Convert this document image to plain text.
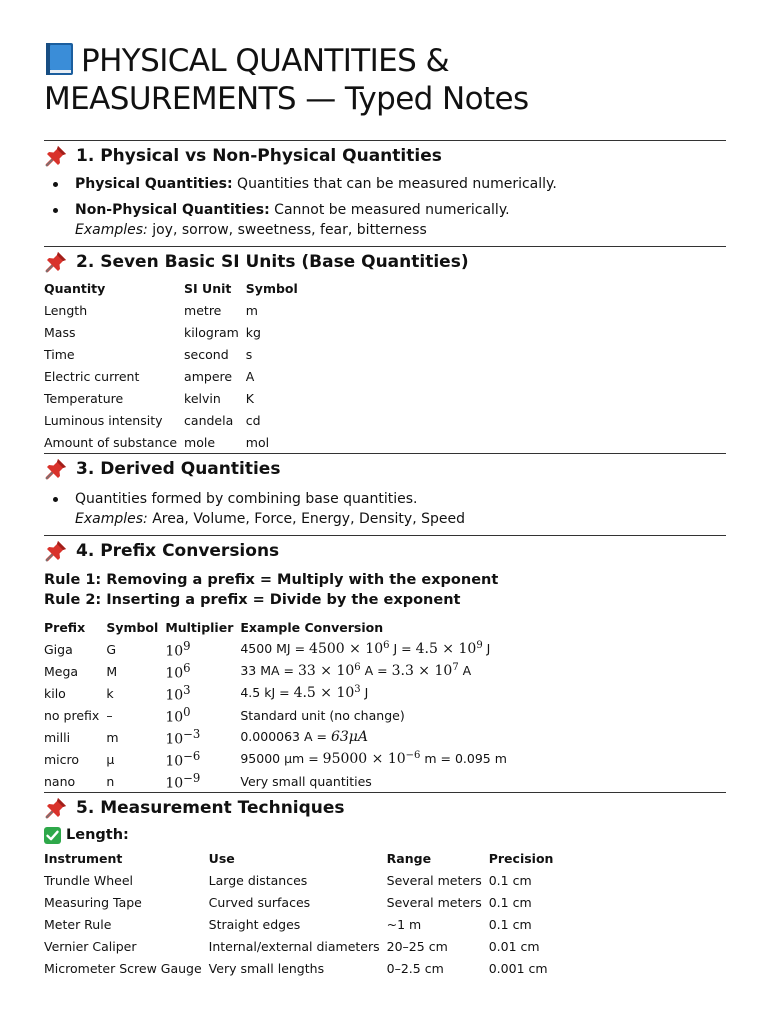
PHYSICAL QUANTITIES &
MEASUREMENTS — Typed Notes
1. Physical vs Non-Physical Quantities
Physical Quantities: Quantities that can be measured numerically.
Non-Physical Quantities: Cannot be measured numerically.
Examples: joy, sorrow, sweetness, fear, bitterness
2. Seven Basic SI Units (Base Quantities)
Quantity	SI Unit	Symbol
Length	metre	m
Mass	kilogram	kg
Time	second	s
Electric current	ampere	A
Temperature	kelvin	K
Luminous intensity	candela	cd
Amount of substance	mole	mol
3. Derived Quantities
Quantities formed by combining base quantities.
Examples: Area, Volume, Force, Energy, Density, Speed
4. Prefix Conversions

Rule 1: Removing a prefix = Multiply with the exponent
Rule 2: Inserting a prefix = Divide by the exponent

Prefix	Symbol	Multiplier	Example Conversion
Giga	G	$10^9$	4500 MJ = $4500 \times 10^6$ $J = 4.5 \times 10^9$ J
Mega	M	$10^6$	33 MA = $33 \times 10^6$ $A = 3.3 \times 10^7$ A
kilo	k	$10^3$	4.5 kJ = $4.5 \times 10^3$ J
no prefix	–	$10^0$	Standard unit (no change)
milli	m	$10^{-3}$	0.000063 A = 63μA
micro	μ	$10^{-6}$	95000 $\mu m = 95000 \times 10^{-6}$ m = 0.095 m
nano	n	$10^{-9}$	Very small quantities
5. Measurement Techniques
Length:
Instrument	Use	Range	Precision
Trundle Wheel	Large distances	Several meters	0.1 cm
Measuring Tape	Curved surfaces	Several meters	0.1 cm
Meter Rule	Straight edges	~1 m	0.1 cm
Vernier Caliper	Internal/external diameters	20–25 cm	0.01 cm
Micrometer Screw Gauge	Very small lengths	0–2.5 cm	0.001 cm
